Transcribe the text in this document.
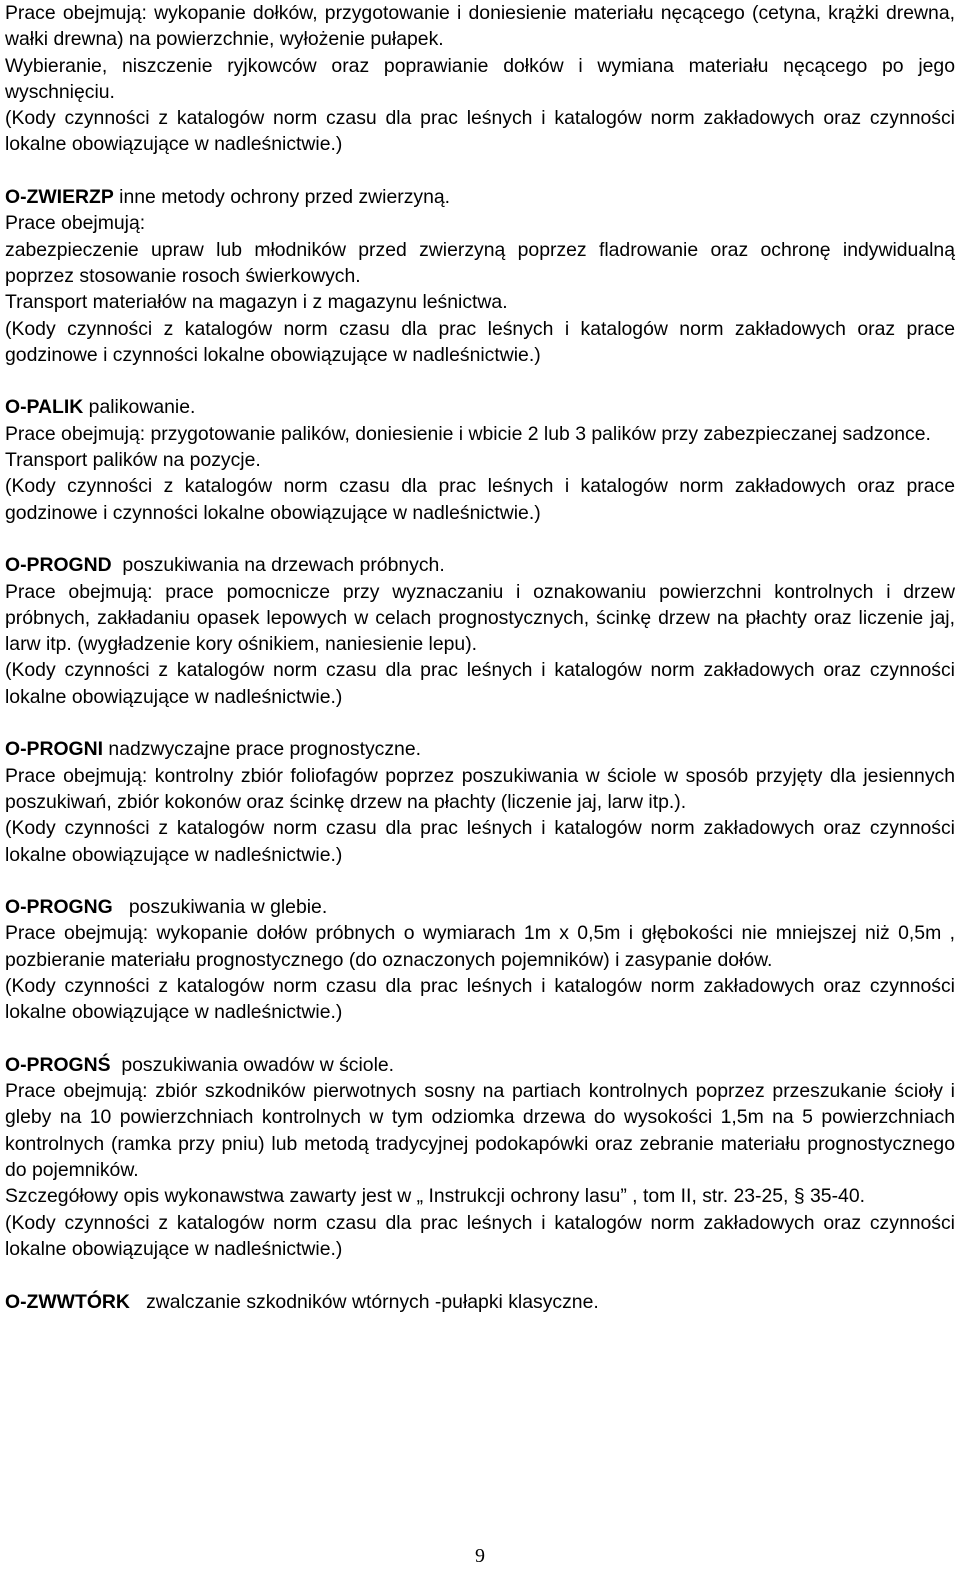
Prace obejmują: wykopanie dołków, przygotowanie i doniesienie materiału nęcącego (cetyna, krążki drewna, wałki drewna) na powierzchnie, wyłożenie pułapek.

Wybieranie, niszczenie ryjkowców oraz poprawianie dołków i wymiana materiału nęcącego po jego wyschnięciu.

(Kody czynności z katalogów norm czasu dla prac leśnych i katalogów norm zakładowych oraz czynności lokalne obowiązujące w nadleśnictwie.)

O-ZWIERZP inne metody ochrony przed zwierzyną.

Prace obejmują:

zabezpieczenie upraw lub młodników przed zwierzyną poprzez fladrowanie oraz ochronę indywidualną poprzez stosowanie rosoch świerkowych.

Transport materiałów na magazyn i z magazynu leśnictwa.

(Kody czynności z katalogów norm czasu dla prac leśnych i katalogów norm zakładowych oraz prace godzinowe i czynności lokalne obowiązujące w nadleśnictwie.)

O-PALIK palikowanie.

Prace obejmują: przygotowanie palików, doniesienie i wbicie 2 lub 3 palików przy zabezpieczanej sadzonce.

Transport palików na pozycje.

(Kody czynności z katalogów norm czasu dla prac leśnych i katalogów norm zakładowych oraz prace godzinowe i czynności lokalne obowiązujące w nadleśnictwie.)

O-PROGND  poszukiwania na drzewach próbnych.

Prace obejmują: prace pomocnicze przy wyznaczaniu i oznakowaniu powierzchni kontrolnych i drzew próbnych, zakładaniu opasek lepowych w celach prognostycznych, ścinkę drzew na płachty oraz liczenie jaj, larw itp. (wygładzenie kory ośnikiem, naniesienie lepu).

(Kody czynności z katalogów norm czasu dla prac leśnych i katalogów norm zakładowych oraz czynności lokalne obowiązujące w nadleśnictwie.)

O-PROGNI nadzwyczajne prace prognostyczne.

Prace obejmują: kontrolny zbiór foliofagów poprzez poszukiwania w ściole w sposób przyjęty dla jesiennych poszukiwań, zbiór kokonów oraz ścinkę drzew na płachty (liczenie jaj, larw itp.).

(Kody czynności z katalogów norm czasu dla prac leśnych i katalogów norm zakładowych oraz czynności lokalne obowiązujące w nadleśnictwie.)

O-PROGNG   poszukiwania w glebie.

Prace obejmują: wykopanie dołów próbnych o wymiarach 1m x 0,5m i głębokości nie mniejszej niż 0,5m , pozbieranie materiału prognostycznego (do oznaczonych pojemników) i zasypanie dołów.

(Kody czynności z katalogów norm czasu dla prac leśnych i katalogów norm zakładowych oraz czynności lokalne obowiązujące w nadleśnictwie.)

O-PROGNŚ  poszukiwania owadów w ściole.

Prace obejmują: zbiór szkodników pierwotnych sosny na partiach kontrolnych poprzez przeszukanie ścioły i gleby na 10 powierzchniach kontrolnych w tym odziomka drzewa do wysokości 1,5m na 5 powierzchniach kontrolnych (ramka przy pniu) lub metodą tradycyjnej podokapówki oraz zebranie materiału prognostycznego do pojemników.

Szczegółowy opis wykonawstwa zawarty jest w „ Instrukcji ochrony lasu” , tom II, str. 23-25, § 35-40.

(Kody czynności z katalogów norm czasu dla prac leśnych i katalogów norm zakładowych oraz czynności lokalne obowiązujące w nadleśnictwie.)

O-ZWWTÓRK   zwalczanie szkodników wtórnych -pułapki klasyczne.

9
